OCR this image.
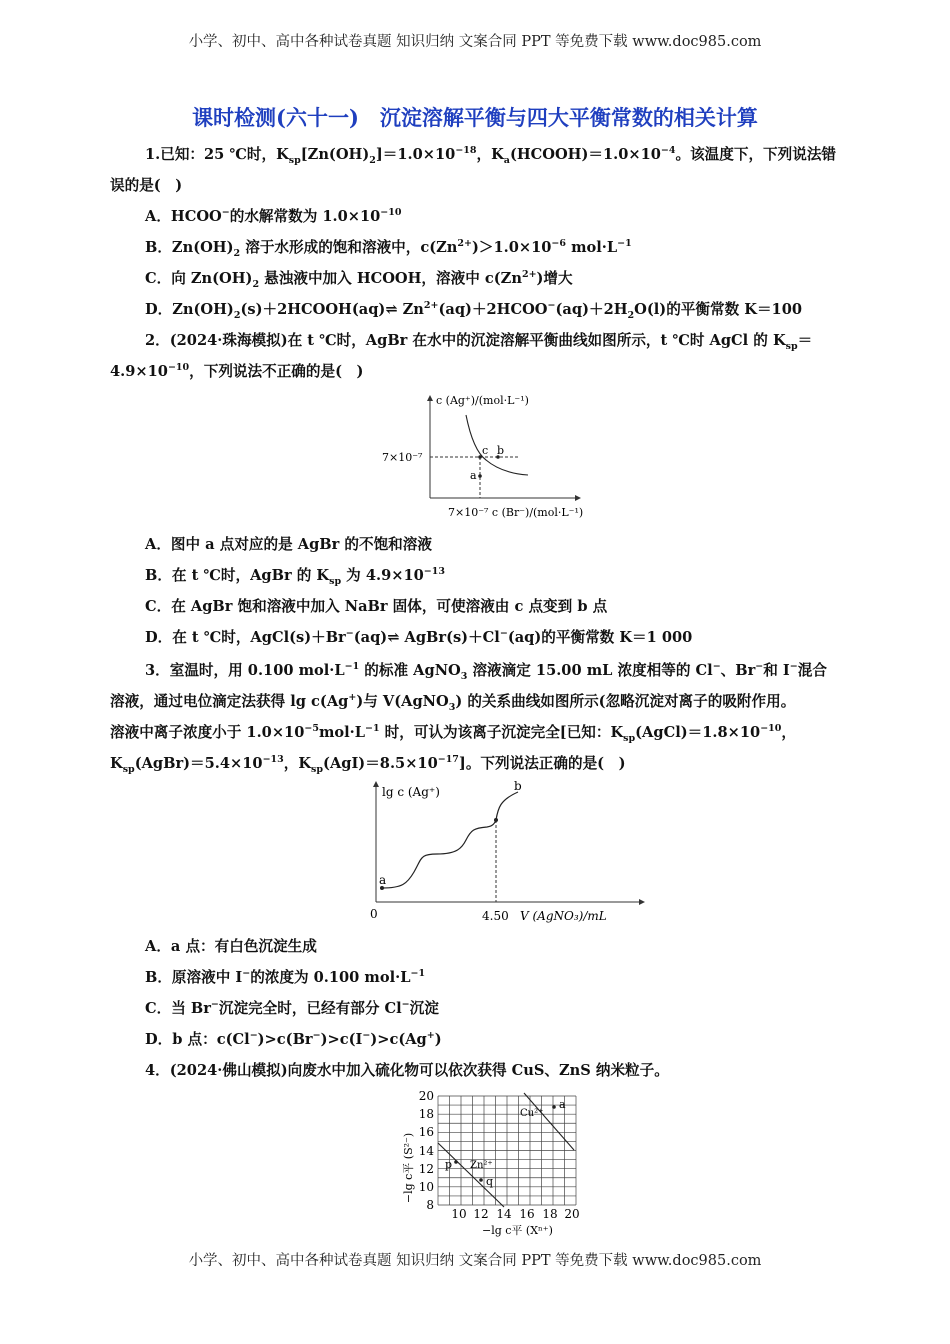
小学、初中、高中各种试卷真题 知识归纳 文案合同 PPT 等免费下载 www.doc985.com
课时检测(六十一)　沉淀溶解平衡与四大平衡常数的相关计算
1.已知：25 ℃时，$K_{sp}[Zn(OH)_2]=1.0\times 10^{-18}$，$K_a(HCOOH)=1.0\times 10^{-4}$。该温度下，下列说法错
误的是(　)
A．HCOO−的水解常数为 $1.0\times 10^{-10}$
B．$Zn(OH)_2$ 溶于水形成的饱和溶液中，$c(Zn^{2+})>1.0\times 10^{-6}$ $mol\cdot L^{-1}$
C．向 $Zn(OH)_2$ 悬浊液中加入 HCOOH，溶液中 $c(Zn^{2+})$增大
D．$Zn(OH)_2(s)+2HCOOH(aq)\rightleftharpoons$ $Zn^{2+}(aq)+2HCOO^-(aq)+2H_2O(l)$的平衡常数 K＝100
2．(2024·珠海模拟)在 t ℃时，AgBr 在水中的沉淀溶解平衡曲线如图所示，t ℃时 AgCl 的 $K_{sp}=$
$4.9\times 10^{-10}$，下列说法不正确的是(　)
c (Ag⁺)/(mol·L⁻¹)
7×10⁻⁷
7×10⁻⁷ c (Br⁻)/(mol·L⁻¹)
a
c b
A．图中 a 点对应的是 AgBr 的不饱和溶液
B．在 t ℃时，AgBr 的 $K_{sp}$ 为 $4.9\times 10^{-13}$
C．在 AgBr 饱和溶液中加入 NaBr 固体，可使溶液由 c 点变到 b 点
D．在 t ℃时，AgCl(s)＋Br−(aq)⇌ AgBr(s)＋Cl−(aq)的平衡常数 K＝1 000
3．室温时，用 0.100 $mol\cdot L^{-1}$ 的标准 AgNO$_3$ 溶液滴定 15.00 mL 浓度相等的 Cl−、Br−和 I−混合
溶液，通过电位滴定法获得 lg c(Ag+)与 V(AgNO$_3$) 的关系曲线如图所示(忽略沉淀对离子的吸附作用。
溶液中离子浓度小于 $1.0\times 10^{-5}mol\cdot L^{-1}$ 时，可认为该离子沉淀完全[已知：$K_{sp}(AgCl)=1.8\times 10^{-10}$，
$K_{sp}(AgBr)=5.4\times 10^{-13}$，$K_{sp}(AgI)=8.5\times 10^{-17}$]。下列说法正确的是(　)
lg c (Ag⁺)
0	4.50 V (AgNO₃)/mL
a
b
A．a 点：有白色沉淀生成
B．原溶液中 I−的浓度为 0.100 $mol\cdot L^{-1}$
C．当 Br−沉淀完全时，已经有部分 Cl−沉淀
D．b 点：c(Cl−)>c(Br−)>c(I−)>c(Ag+)
4．(2024·佛山模拟)向废水中加入硫化物可以依次获得 CuS、ZnS 纳米粒子。
−lg c平 (S²⁻)
20
18
16
14
12
10
8
10 12 14 16 18 20
−lg c平 (Xⁿ⁺)
Cu²⁺
a
Zn²⁺
p
q
小学、初中、高中各种试卷真题 知识归纳 文案合同 PPT 等免费下载 www.doc985.com
